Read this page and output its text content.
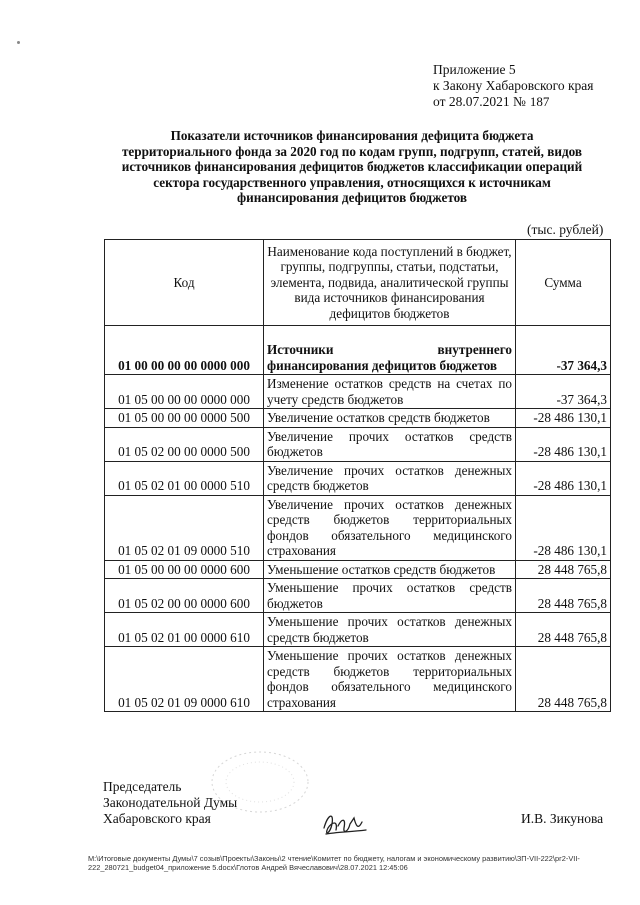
Приложение 5
к Закону Хабаровского края
от 28.07.2021 № 187
Показатели источников финансирования дефицита бюджета
территориального фонда за 2020 год по кодам групп, подгрупп, статей, видов
источников финансирования дефицитов бюджетов классификации операций
сектора государственного управления, относящихся к источникам
финансирования дефицитов бюджетов
(тыс. рублей)
Код	Наименование кода поступлений в бюджет, группы, подгруппы, статьи, подстатьи, элемента, подвида, аналитической группы вида источников финансирования дефицитов бюджетов	Сумма
01 00 00 00 00 0000 000	Источники внутреннего финансирования дефицитов бюджетов	-37 364,3
01 05 00 00 00 0000 000	Изменение остатков средств на счетах по учету средств бюджетов	-37 364,3
01 05 00 00 00 0000 500	Увеличение остатков средств бюджетов	-28 486 130,1
01 05 02 00 00 0000 500	Увеличение прочих остатков средств бюджетов	-28 486 130,1
01 05 02 01 00 0000 510	Увеличение прочих остатков денежных средств бюджетов	-28 486 130,1
01 05 02 01 09 0000 510	Увеличение прочих остатков денежных средств бюджетов территориальных фондов обязательного медицинского страхования	-28 486 130,1
01 05 00 00 00 0000 600	Уменьшение остатков средств бюджетов	28 448 765,8
01 05 02 00 00 0000 600	Уменьшение прочих остатков средств бюджетов	28 448 765,8
01 05 02 01 00 0000 610	Уменьшение прочих остатков денежных средств бюджетов	28 448 765,8
01 05 02 01 09 0000 610	Уменьшение прочих остатков денежных средств бюджетов территориальных фондов обязательного медицинского страхования	28 448 765,8
Председатель
Законодательной Думы
Хабаровского края	И.В. Зикунова
М:\Итоговые документы Думы\7 созыв\Проекты\Законы\2 чтение\Комитет по бюджету, налогам и экономическому развитию\ЗП-VII-222\рг2-VII-
222_280721_budget04_приложение 5.docx\Глотов Андрей Вячеславович\28.07.2021 12:45:06
